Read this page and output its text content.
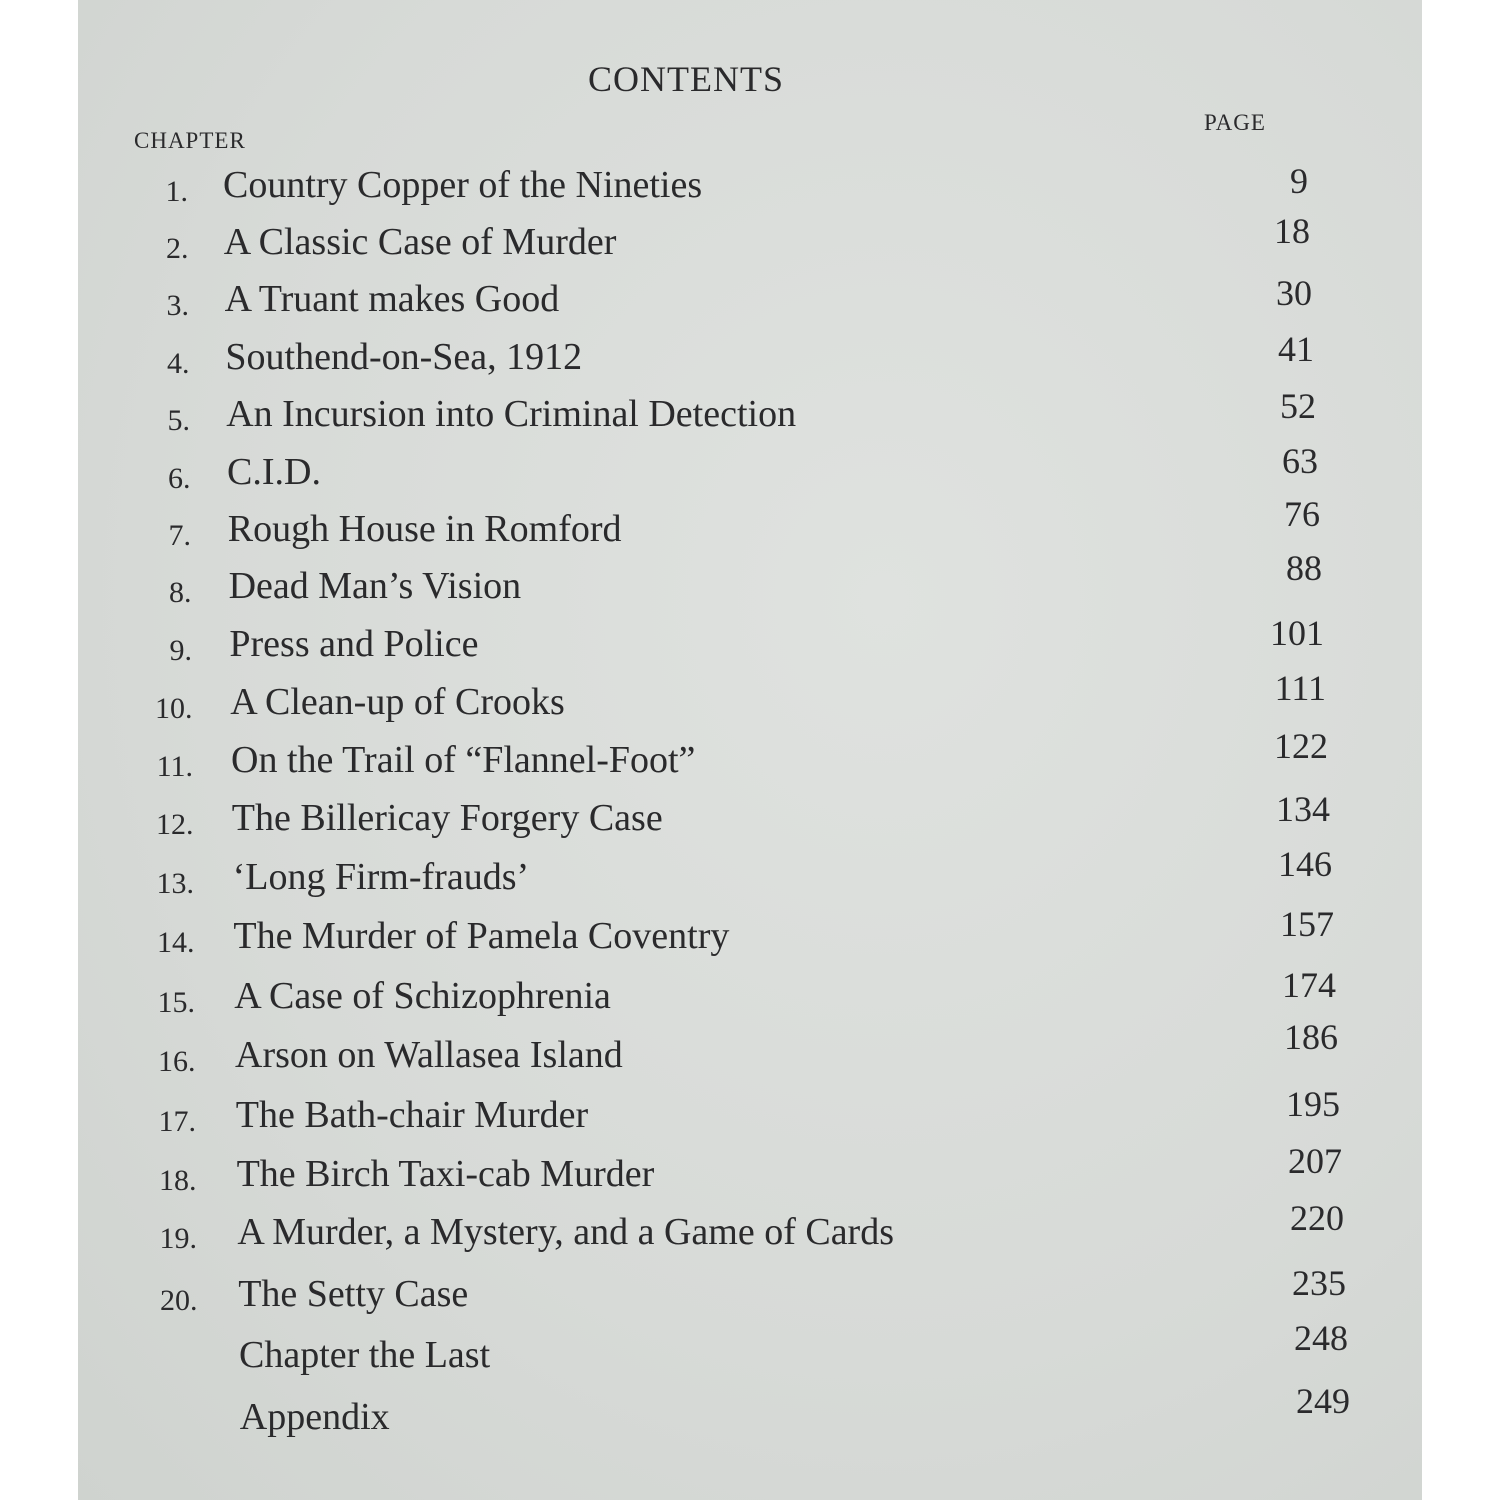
CONTENTS
CHAPTER
PAGE
1. Country Copper of the Nineties	9
2. A Classic Case of Murder	18
3. A Truant makes Good	30
4. Southend-on-Sea, 1912	41
5. An Incursion into Criminal Detection	52
6. C.I.D.	63
7. Rough House in Romford	76
8. Dead Man’s Vision	88
9. Press and Police	101
10. A Clean-up of Crooks	111
11. On the Trail of “Flannel-Foot”	122
12. The Billericay Forgery Case	134
13. ‘Long Firm-frauds’	146
14. The Murder of Pamela Coventry	157
15. A Case of Schizophrenia	174
16. Arson on Wallasea Island	186
17. The Bath-chair Murder	195
18. The Birch Taxi-cab Murder	207
19. A Murder, a Mystery, and a Game of Cards	220
20. The Setty Case	235
Chapter the Last	248
Appendix	249
